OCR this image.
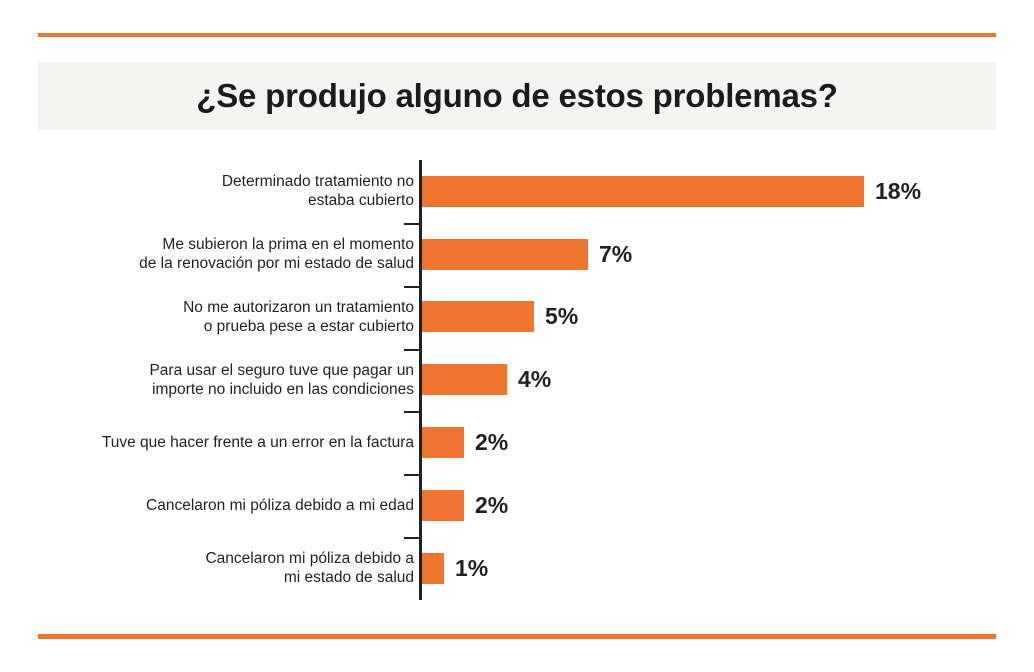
¿Se produjo alguno de estos problemas?
Determinado tratamiento no
estaba cubierto	18%
Me subieron la prima en el momento
de la renovación por mi estado de salud	7%
No me autorizaron un tratamiento
o prueba pese a estar cubierto	5%
Para usar el seguro tuve que pagar un
importe no incluido en las condiciones	4%
Tuve que hacer frente a un error en la factura	2%
Cancelaron mi póliza debido a mi edad	2%
Cancelaron mi póliza debido a
mi estado de salud 1%
